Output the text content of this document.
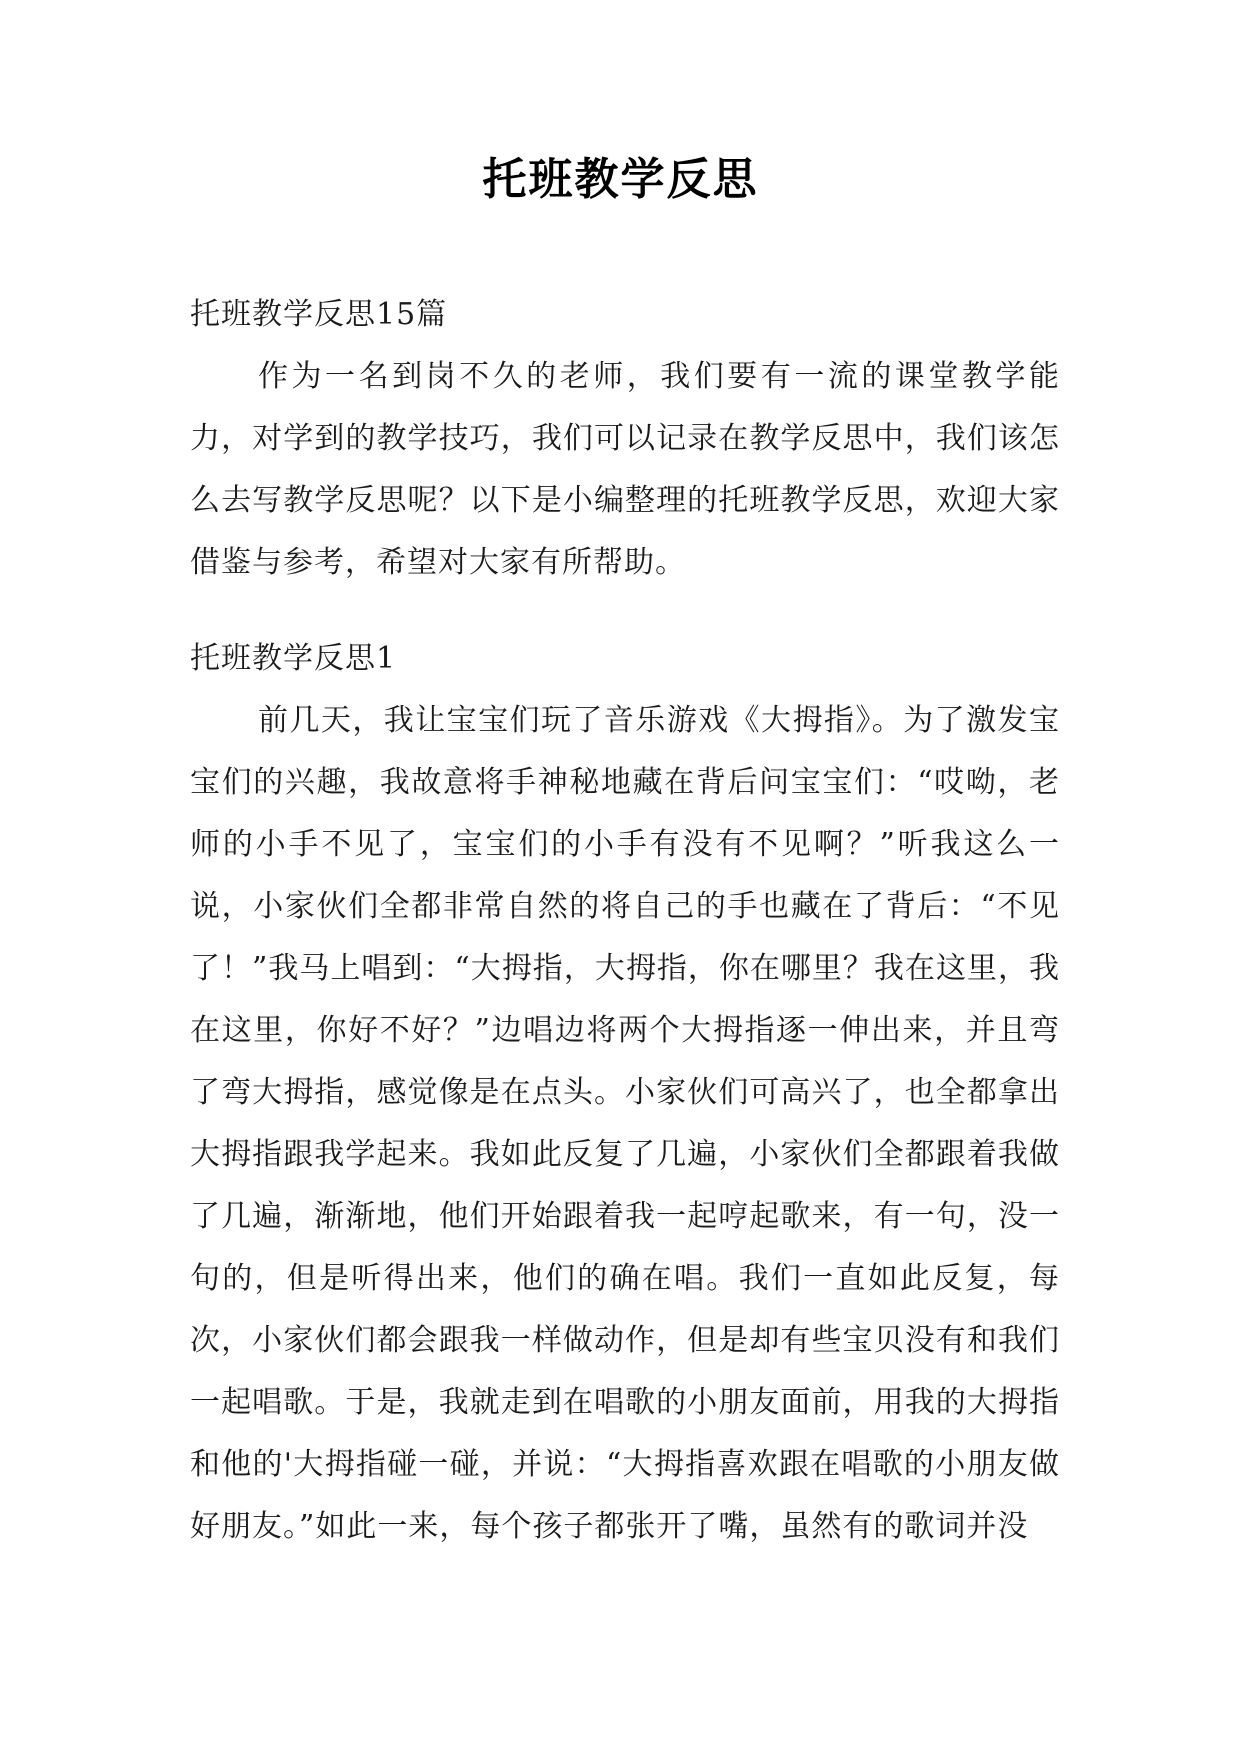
托班教学反思
托班教学反思15篇

作为一名到岗不久的老师，我们要有一流的课堂教学能力，对学到的教学技巧，我们可以记录在教学反思中，我们该怎么去写教学反思呢？以下是小编整理的托班教学反思，欢迎大家借鉴与参考，希望对大家有所帮助。

托班教学反思1

前几天，我让宝宝们玩了音乐游戏《大拇指》。为了激发宝宝们的兴趣，我故意将手神秘地藏在背后问宝宝们：“哎呦，老师的小手不见了，宝宝们的小手有没有不见啊？”听我这么一说，小家伙们全都非常自然的将自己的手也藏在了背后：“不见了！”我马上唱到：“大拇指，大拇指，你在哪里？我在这里，我在这里，你好不好？”边唱边将两个大拇指逐一伸出来，并且弯了弯大拇指，感觉像是在点头。小家伙们可高兴了，也全都拿出大拇指跟我学起来。我如此反复了几遍，小家伙们全都跟着我做了几遍，渐渐地，他们开始跟着我一起哼起歌来，有一句，没一句的，但是听得出来，他们的确在唱。我们一直如此反复，每次，小家伙们都会跟我一样做动作，但是却有些宝贝没有和我们一起唱歌。于是，我就走到在唱歌的小朋友面前，用我的大拇指和他的'大拇指碰一碰，并说：“大拇指喜欢跟在唱歌的小朋友做好朋友。”如此一来，每个孩子都张开了嘴，虽然有的歌词并没
